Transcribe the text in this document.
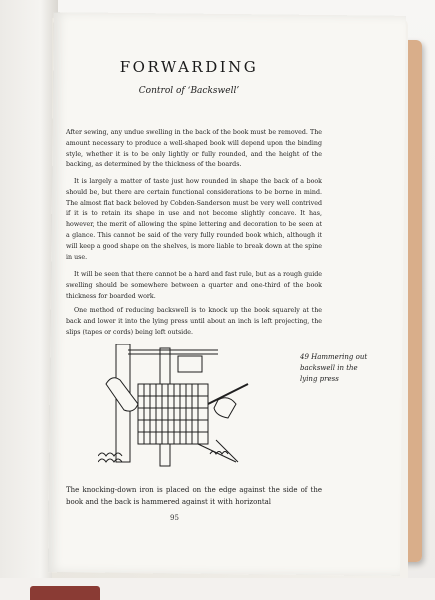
FORWARDING
Control of ‘Backswell’

After sewing, any undue swelling in the back of the book must be removed. The amount necessary to produce a well-shaped book will depend upon the binding style, whether it is to be only lightly or fully rounded, and the height of the backing, as determined by the thickness of the boards.

It is largely a matter of taste just how rounded in shape the back of a book should be, but there are certain functional considerations to be borne in mind. The almost flat back beloved by Cobden-Sanderson must be very well contrived if it is to retain its shape in use and not become slightly concave. It has, however, the merit of allowing the spine lettering and decoration to be seen at a glance. This cannot be said of the very fully rounded book which, although it will keep a good shape on the shelves, is more liable to break down at the spine in use.

It will be seen that there cannot be a hard and fast rule, but as a rough guide swelling should be somewhere between a quarter and one-third of the book thickness for boarded work.

One method of reducing backswell is to knock up the book squarely at the back and lower it into the lying press until about an inch is left projecting, the slips (tapes or cords) being left outside.

49 Hammering out backswell in the lying press

The knocking-down iron is placed on the edge against the side of the book and the back is hammered against it with horizontal

95
